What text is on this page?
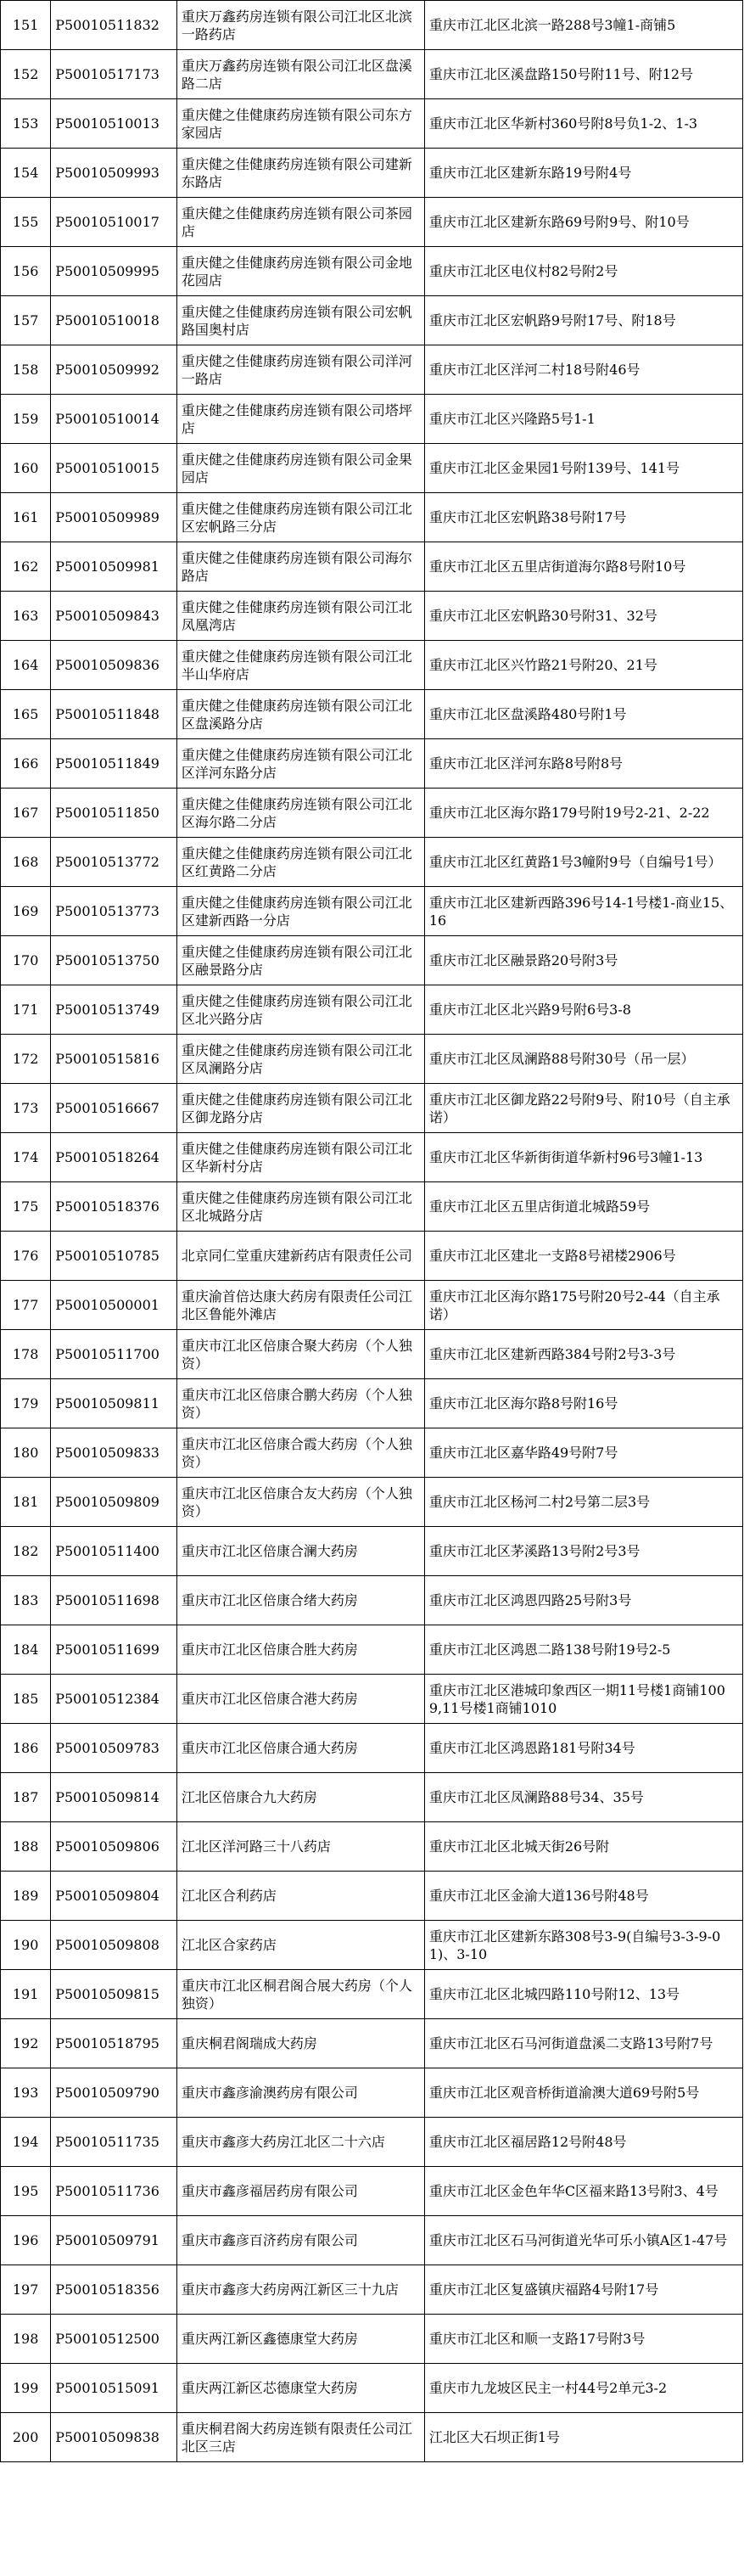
151	P50010511832	重庆万鑫药房连锁有限公司江北区北滨一路药店	重庆市江北区北滨一路288号3幢1-商铺5
152	P50010517173	重庆万鑫药房连锁有限公司江北区盘溪路二店	重庆市江北区溪盘路150号附11号、附12号
153	P50010510013	重庆健之佳健康药房连锁有限公司东方家园店	重庆市江北区华新村360号附8号负1-2、1-3
154	P50010509993	重庆健之佳健康药房连锁有限公司建新东路店	重庆市江北区建新东路19号附4号
155	P50010510017	重庆健之佳健康药房连锁有限公司茶园店	重庆市江北区建新东路69号附9号、附10号
156	P50010509995	重庆健之佳健康药房连锁有限公司金地花园店	重庆市江北区电仪村82号附2号
157	P50010510018	重庆健之佳健康药房连锁有限公司宏帆路国奥村店	重庆市江北区宏帆路9号附17号、附18号
158	P50010509992	重庆健之佳健康药房连锁有限公司洋河一路店	重庆市江北区洋河二村18号附46号
159	P50010510014	重庆健之佳健康药房连锁有限公司塔坪店	重庆市江北区兴隆路5号1-1
160	P50010510015	重庆健之佳健康药房连锁有限公司金果园店	重庆市江北区金果园1号附139号、141号
161	P50010509989	重庆健之佳健康药房连锁有限公司江北区宏帆路三分店	重庆市江北区宏帆路38号附17号
162	P50010509981	重庆健之佳健康药房连锁有限公司海尔路店	重庆市江北区五里店街道海尔路8号附10号
163	P50010509843	重庆健之佳健康药房连锁有限公司江北凤凰湾店	重庆市江北区宏帆路30号附31、32号
164	P50010509836	重庆健之佳健康药房连锁有限公司江北半山华府店	重庆市江北区兴竹路21号附20、21号
165	P50010511848	重庆健之佳健康药房连锁有限公司江北区盘溪路分店	重庆市江北区盘溪路480号附1号
166	P50010511849	重庆健之佳健康药房连锁有限公司江北区洋河东路分店	重庆市江北区洋河东路8号附8号
167	P50010511850	重庆健之佳健康药房连锁有限公司江北区海尔路二分店	重庆市江北区海尔路179号附19号2-21、2-22
168	P50010513772	重庆健之佳健康药房连锁有限公司江北区红黄路二分店	重庆市江北区红黄路1号3幢附9号（自编号1号）
169	P50010513773	重庆健之佳健康药房连锁有限公司江北区建新西路一分店	重庆市江北区建新西路396号14-1号楼1-商业15、16
170	P50010513750	重庆健之佳健康药房连锁有限公司江北区融景路分店	重庆市江北区融景路20号附3号
171	P50010513749	重庆健之佳健康药房连锁有限公司江北区北兴路分店	重庆市江北区北兴路9号附6号3-8
172	P50010515816	重庆健之佳健康药房连锁有限公司江北区凤澜路分店	重庆市江北区凤澜路88号附30号（吊一层）
173	P50010516667	重庆健之佳健康药房连锁有限公司江北区御龙路分店	重庆市江北区御龙路22号附9号、附10号（自主承诺）
174	P50010518264	重庆健之佳健康药房连锁有限公司江北区华新村分店	重庆市江北区华新街街道华新村96号3幢1-13
175	P50010518376	重庆健之佳健康药房连锁有限公司江北区北城路分店	重庆市江北区五里店街道北城路59号
176	P50010510785	北京同仁堂重庆建新药店有限责任公司	重庆市江北区建北一支路8号裙楼2906号
177	P50010500001	重庆渝首倍达康大药房有限责任公司江北区鲁能外滩店	重庆市江北区海尔路175号附20号2-44（自主承诺）
178	P50010511700	重庆市江北区倍康合聚大药房（个人独资）	重庆市江北区建新西路384号附2号3-3号
179	P50010509811	重庆市江北区倍康合鹏大药房（个人独资）	重庆市江北区海尔路8号附16号
180	P50010509833	重庆市江北区倍康合霞大药房（个人独资）	重庆市江北区嘉华路49号附7号
181	P50010509809	重庆市江北区倍康合友大药房（个人独资）	重庆市江北区杨河二村2号第二层3号
182	P50010511400	重庆市江北区倍康合澜大药房	重庆市江北区茅溪路13号附2号3号
183	P50010511698	重庆市江北区倍康合绪大药房	重庆市江北区鸿恩四路25号附3号
184	P50010511699	重庆市江北区倍康合胜大药房	重庆市江北区鸿恩二路138号附19号2-5
185	P50010512384	重庆市江北区倍康合港大药房	重庆市江北区港城印象西区一期11号楼1商铺1009,11号楼1商铺1010
186	P50010509783	重庆市江北区倍康合通大药房	重庆市江北区鸿恩路181号附34号
187	P50010509814	江北区倍康合九大药房	重庆市江北区凤澜路88号34、35号
188	P50010509806	江北区洋河路三十八药店	重庆市江北区北城天街26号附
189	P50010509804	江北区合利药店	重庆市江北区金渝大道136号附48号
190	P50010509808	江北区合家药店	重庆市江北区建新东路308号3-9(自编号3-3-9-01)、3-10
191	P50010509815	重庆市江北区桐君阁合展大药房（个人独资）	重庆市江北区北城四路110号附12、13号
192	P50010518795	重庆桐君阁瑞成大药房	重庆市江北区石马河街道盘溪二支路13号附7号
193	P50010509790	重庆市鑫彦渝澳药房有限公司	重庆市江北区观音桥街道渝澳大道69号附5号
194	P50010511735	重庆市鑫彦大药房江北区二十六店	重庆市江北区福居路12号附48号
195	P50010511736	重庆市鑫彦福居药房有限公司	重庆市江北区金色年华C区福来路13号附3、4号
196	P50010509791	重庆市鑫彦百济药房有限公司	重庆市江北区石马河街道光华可乐小镇A区1-47号
197	P50010518356	重庆市鑫彦大药房两江新区三十九店	重庆市江北区复盛镇庆福路4号附17号
198	P50010512500	重庆两江新区鑫德康堂大药房	重庆市江北区和顺一支路17号附3号
199	P50010515091	重庆两江新区芯德康堂大药房	重庆市九龙坡区民主一村44号2单元3-2
200	P50010509838	重庆桐君阁大药房连锁有限责任公司江北区三店	江北区大石坝正街1号
